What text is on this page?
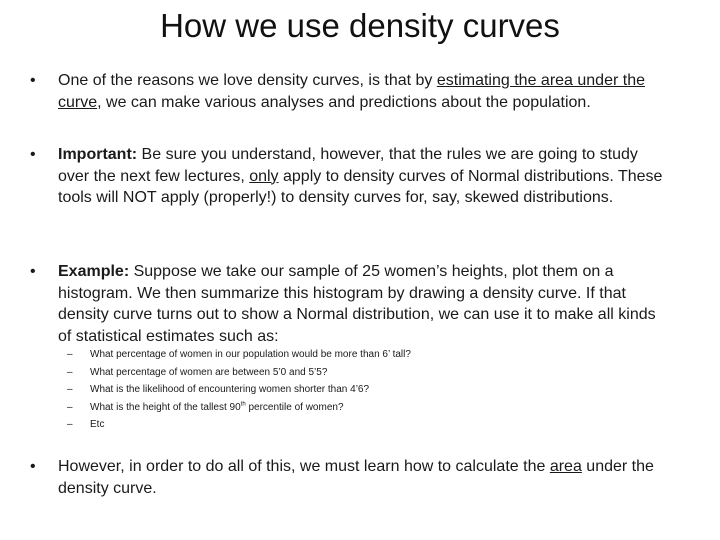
How we use density curves
•	One of the reasons we love density curves, is that by estimating the area under the curve, we can make various analyses and predictions about the population.
•	Important: Be sure you understand, however, that the rules we are going to study over the next few lectures, only apply to density curves of Normal distributions. These tools will NOT apply (properly!) to density curves for, say, skewed distributions.
•	Example: Suppose we take our sample of 25 women’s heights, plot them on a histogram. We then summarize this histogram by drawing a density curve. If that density curve turns out to show a Normal distribution, we can use it to make all kinds of statistical estimates such as:
– What percentage of women in our population would be more than 6’ tall?
– What percentage of women are between 5’0 and 5’5?
– What is the likelihood of encountering women shorter than 4’6?
– What is the height of the tallest 90th percentile of women?
– Etc
•	However, in order to do all of this, we must learn how to calculate the area under the density curve.
